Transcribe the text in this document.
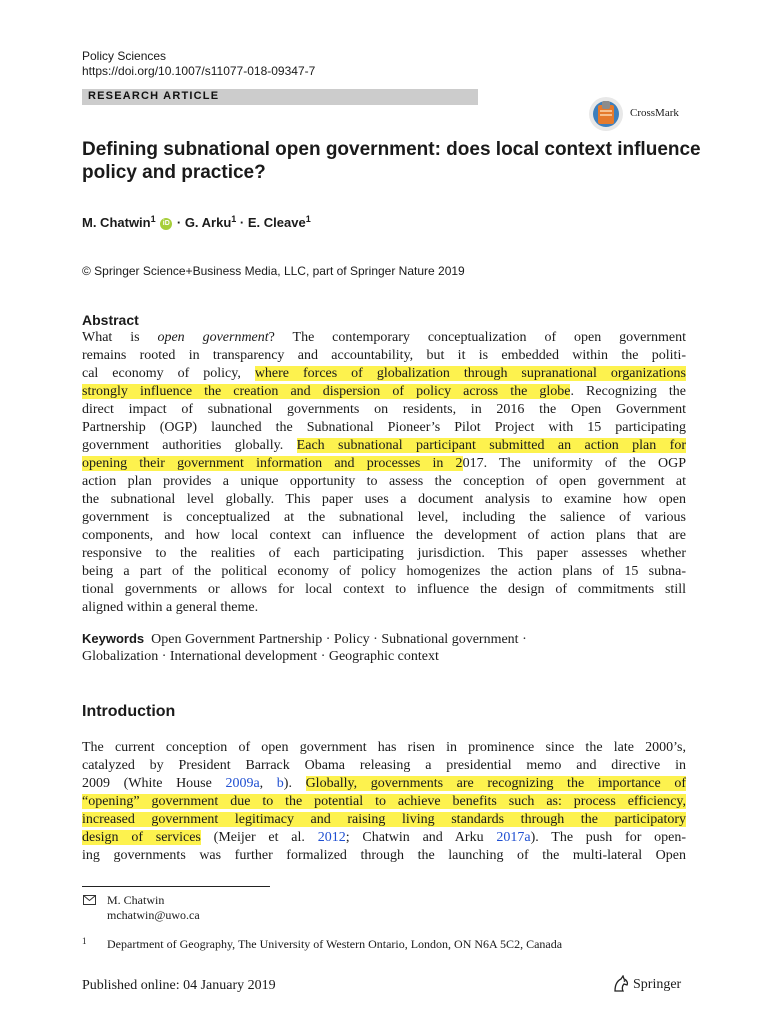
Policy Sciences
https://doi.org/10.1007/s11077-018-09347-7
RESEARCH ARTICLE
CrossMark
Defining subnational open government: does local context influence policy and practice?
M. Chatwin$^1$ iD · G. Arku$^1$ · E. Cleave$^1$
© Springer Science+Business Media, LLC, part of Springer Nature 2019
Abstract
What is open government? The contemporary conceptualization of open government
remains rooted in transparency and accountability, but it is embedded within the politi-
cal economy of policy, where forces of globalization through supranational organizations
strongly influence the creation and dispersion of policy across the globe. Recognizing the
direct impact of subnational governments on residents, in 2016 the Open Government
Partnership (OGP) launched the Subnational Pioneer’s Pilot Project with 15 participating
government authorities globally. Each subnational participant submitted an action plan for
opening their government information and processes in 2017. The uniformity of the OGP
action plan provides a unique opportunity to assess the conception of open government at
the subnational level globally. This paper uses a document analysis to examine how open
government is conceptualized at the subnational level, including the salience of various
components, and how local context can influence the development of action plans that are
responsive to the realities of each participating jurisdiction. This paper assesses whether
being a part of the political economy of policy homogenizes the action plans of 15 subna-
tional governments or allows for local context to influence the design of commitments still
aligned within a general theme.
Keywords Open Government Partnership · Policy · Subnational government ·
Globalization · International development · Geographic context
Introduction
The current conception of open government has risen in prominence since the late 2000’s,
catalyzed by President Barrack Obama releasing a presidential memo and directive in
2009 (White House 2009a, b). Globally, governments are recognizing the importance of
“opening” government due to the potential to achieve benefits such as: process efficiency,
increased government legitimacy and raising living standards through the participatory
design of services (Meijer et al. 2012; Chatwin and Arku 2017a). The push for open-
ing governments was further formalized through the launching of the multi-lateral Open
M. Chatwin
mchatwin@uwo.ca
1 Department of Geography, The University of Western Ontario, London, ON N6A 5C2, Canada
Published online: 04 January 2019	Springer
